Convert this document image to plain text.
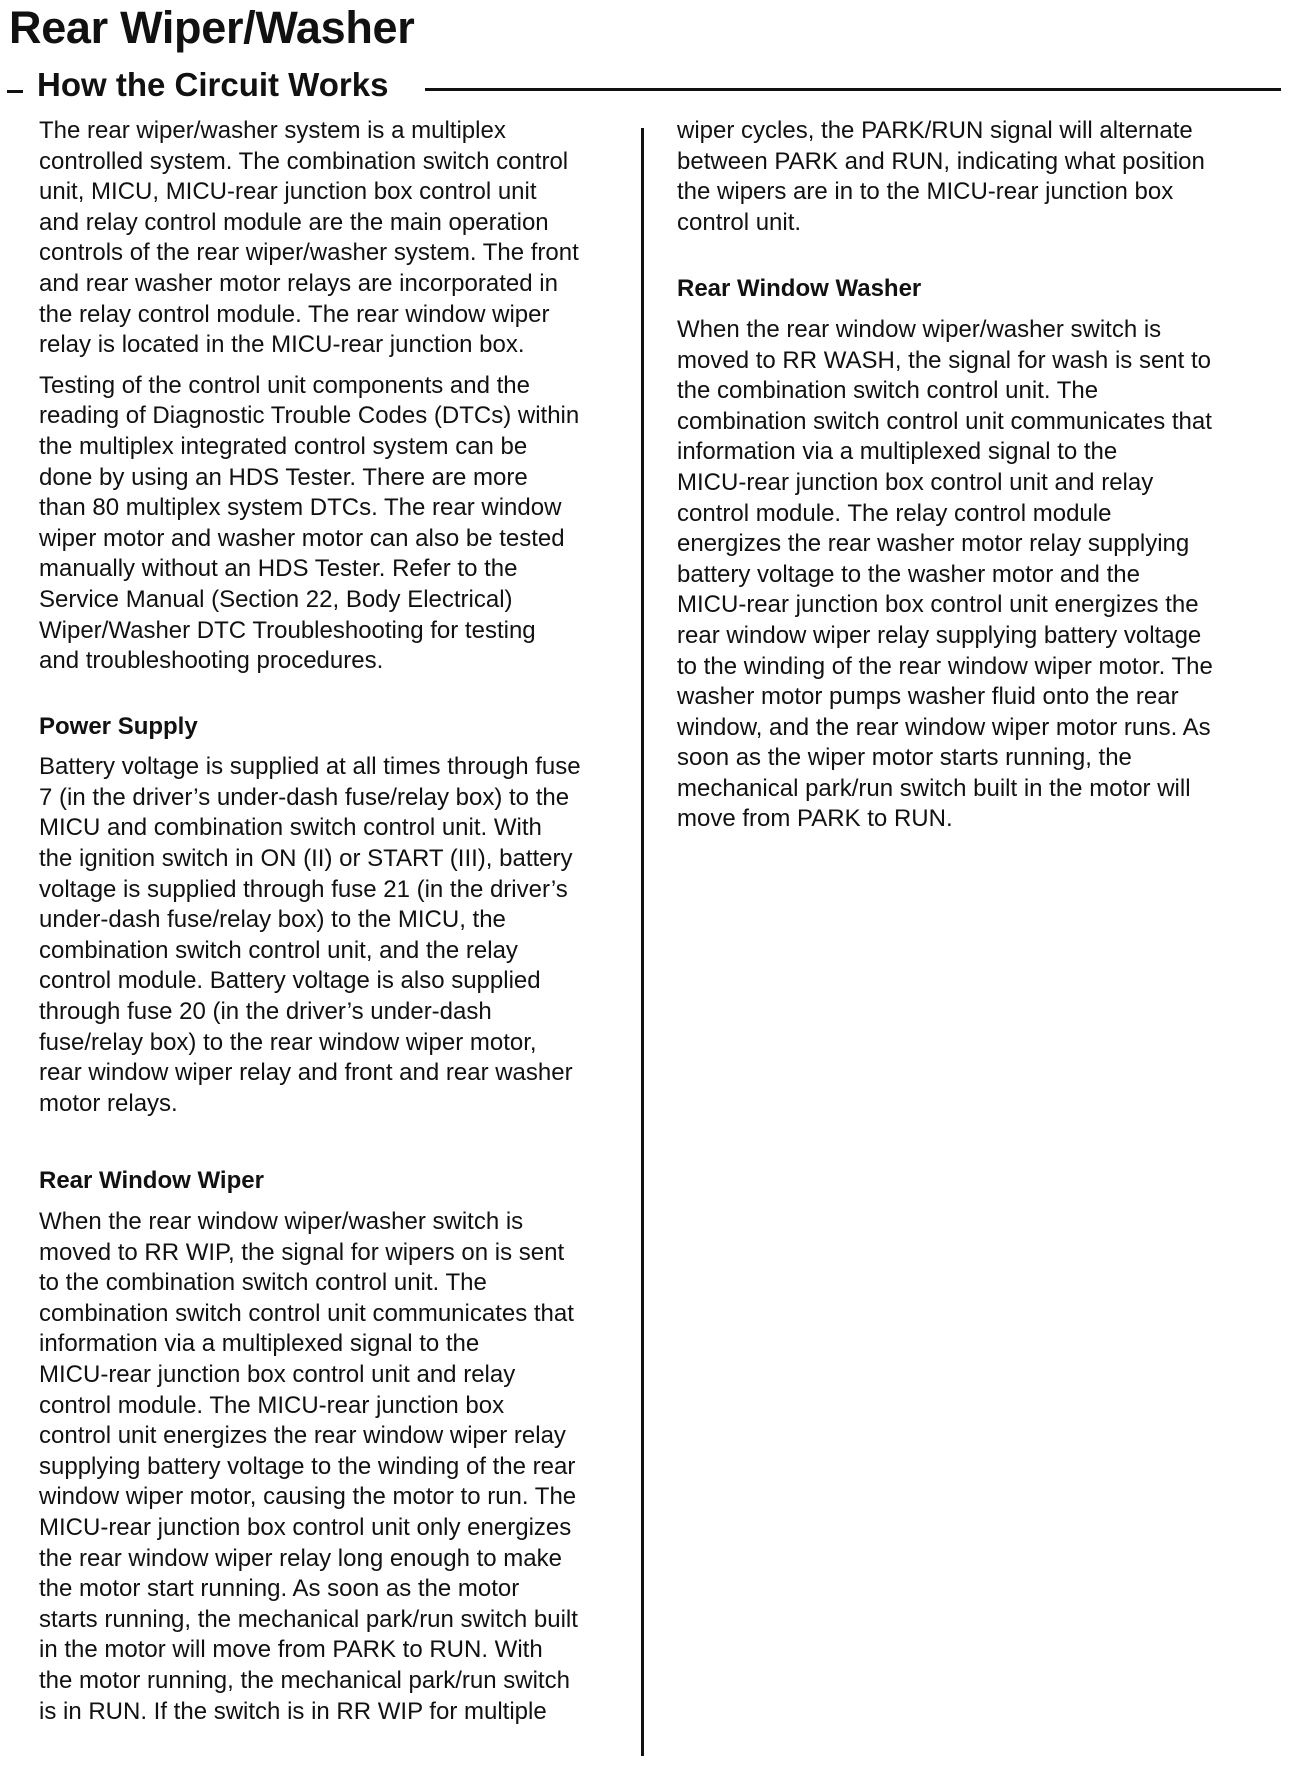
Rear Wiper/Washer
How the Circuit Works

The rear wiper/washer system is a multiplex
controlled system. The combination switch control
unit, MICU, MICU-rear junction box control unit
and relay control module are the main operation
controls of the rear wiper/washer system. The front
and rear washer motor relays are incorporated in
the relay control module. The rear window wiper
relay is located in the MICU-rear junction box.

Testing of the control unit components and the
reading of Diagnostic Trouble Codes (DTCs) within
the multiplex integrated control system can be
done by using an HDS Tester. There are more
than 80 multiplex system DTCs. The rear window
wiper motor and washer motor can also be tested
manually without an HDS Tester. Refer to the
Service Manual (Section 22, Body Electrical)
Wiper/Washer DTC Troubleshooting for testing
and troubleshooting procedures.

Power Supply

Battery voltage is supplied at all times through fuse
7 (in the driver’s under-dash fuse/relay box) to the
MICU and combination switch control unit. With
the ignition switch in ON (II) or START (III), battery
voltage is supplied through fuse 21 (in the driver’s
under-dash fuse/relay box) to the MICU, the
combination switch control unit, and the relay
control module. Battery voltage is also supplied
through fuse 20 (in the driver’s under-dash
fuse/relay box) to the rear window wiper motor,
rear window wiper relay and front and rear washer
motor relays.

Rear Window Wiper

When the rear window wiper/washer switch is
moved to RR WIP, the signal for wipers on is sent
to the combination switch control unit. The
combination switch control unit communicates that
information via a multiplexed signal to the
MICU-rear junction box control unit and relay
control module. The MICU-rear junction box
control unit energizes the rear window wiper relay
supplying battery voltage to the winding of the rear
window wiper motor, causing the motor to run. The
MICU-rear junction box control unit only energizes
the rear window wiper relay long enough to make
the motor start running. As soon as the motor
starts running, the mechanical park/run switch built
in the motor will move from PARK to RUN. With
the motor running, the mechanical park/run switch
is in RUN. If the switch is in RR WIP for multiple

wiper cycles, the PARK/RUN signal will alternate
between PARK and RUN, indicating what position
the wipers are in to the MICU-rear junction box
control unit.

Rear Window Washer

When the rear window wiper/washer switch is
moved to RR WASH, the signal for wash is sent to
the combination switch control unit. The
combination switch control unit communicates that
information via a multiplexed signal to the
MICU-rear junction box control unit and relay
control module. The relay control module
energizes the rear washer motor relay supplying
battery voltage to the washer motor and the
MICU-rear junction box control unit energizes the
rear window wiper relay supplying battery voltage
to the winding of the rear window wiper motor. The
washer motor pumps washer fluid onto the rear
window, and the rear window wiper motor runs. As
soon as the wiper motor starts running, the
mechanical park/run switch built in the motor will
move from PARK to RUN.
